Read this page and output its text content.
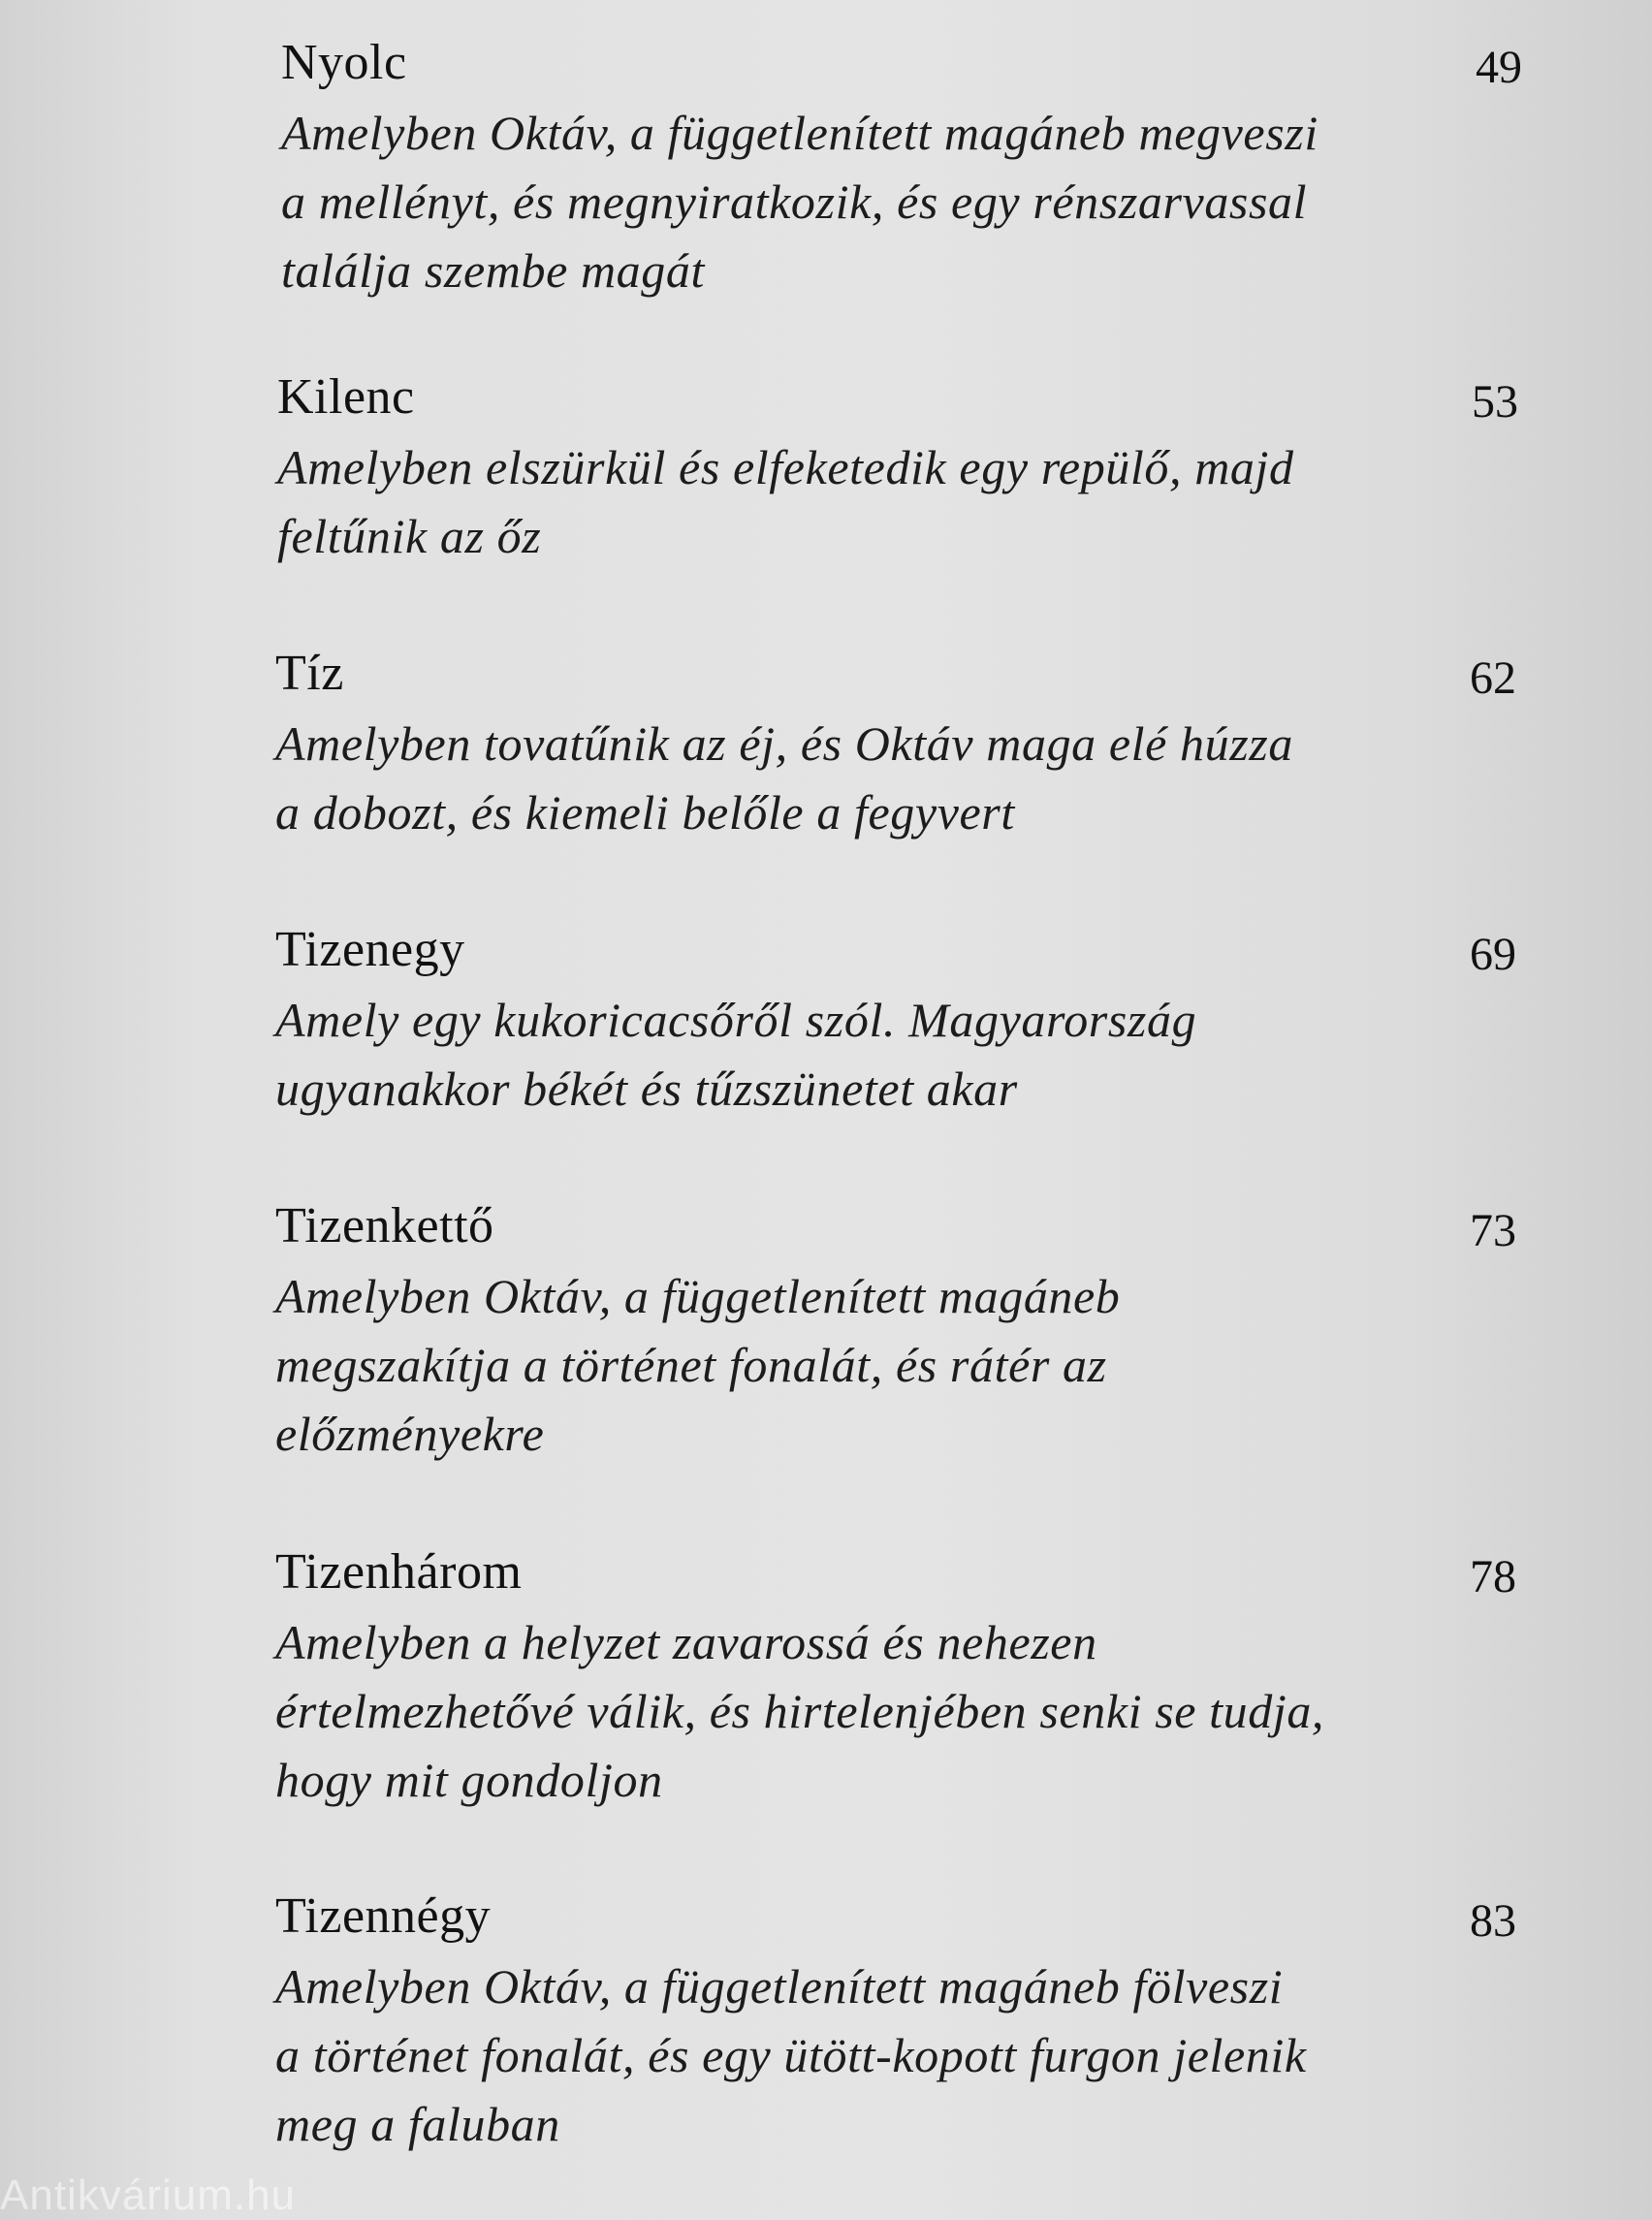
Nyolc	49
Amelyben Oktáv, a függetlenített magáneb megveszi
a mellényt, és megnyiratkozik, és egy rénszarvassal
találja szembe magát
Kilenc	53
Amelyben elszürkül és elfeketedik egy repülő, majd
feltűnik az őz
Tíz	62
Amelyben tovatűnik az éj, és Oktáv maga elé húzza
a dobozt, és kiemeli belőle a fegyvert
Tizenegy	69
Amely egy kukoricacsőről szól. Magyarország
ugyanakkor békét és tűzszünetet akar
Tizenkettő	73
Amelyben Oktáv, a függetlenített magáneb
megszakítja a történet fonalát, és rátér az
előzményekre
Tizenhárom	78
Amelyben a helyzet zavarossá és nehezen
értelmezhetővé válik, és hirtelenjében senki se tudja,
hogy mit gondoljon
Tizennégy	83
Amelyben Oktáv, a függetlenített magáneb fölveszi
a történet fonalát, és egy ütött-kopott furgon jelenik
meg a faluban
Antikvárium.hu
